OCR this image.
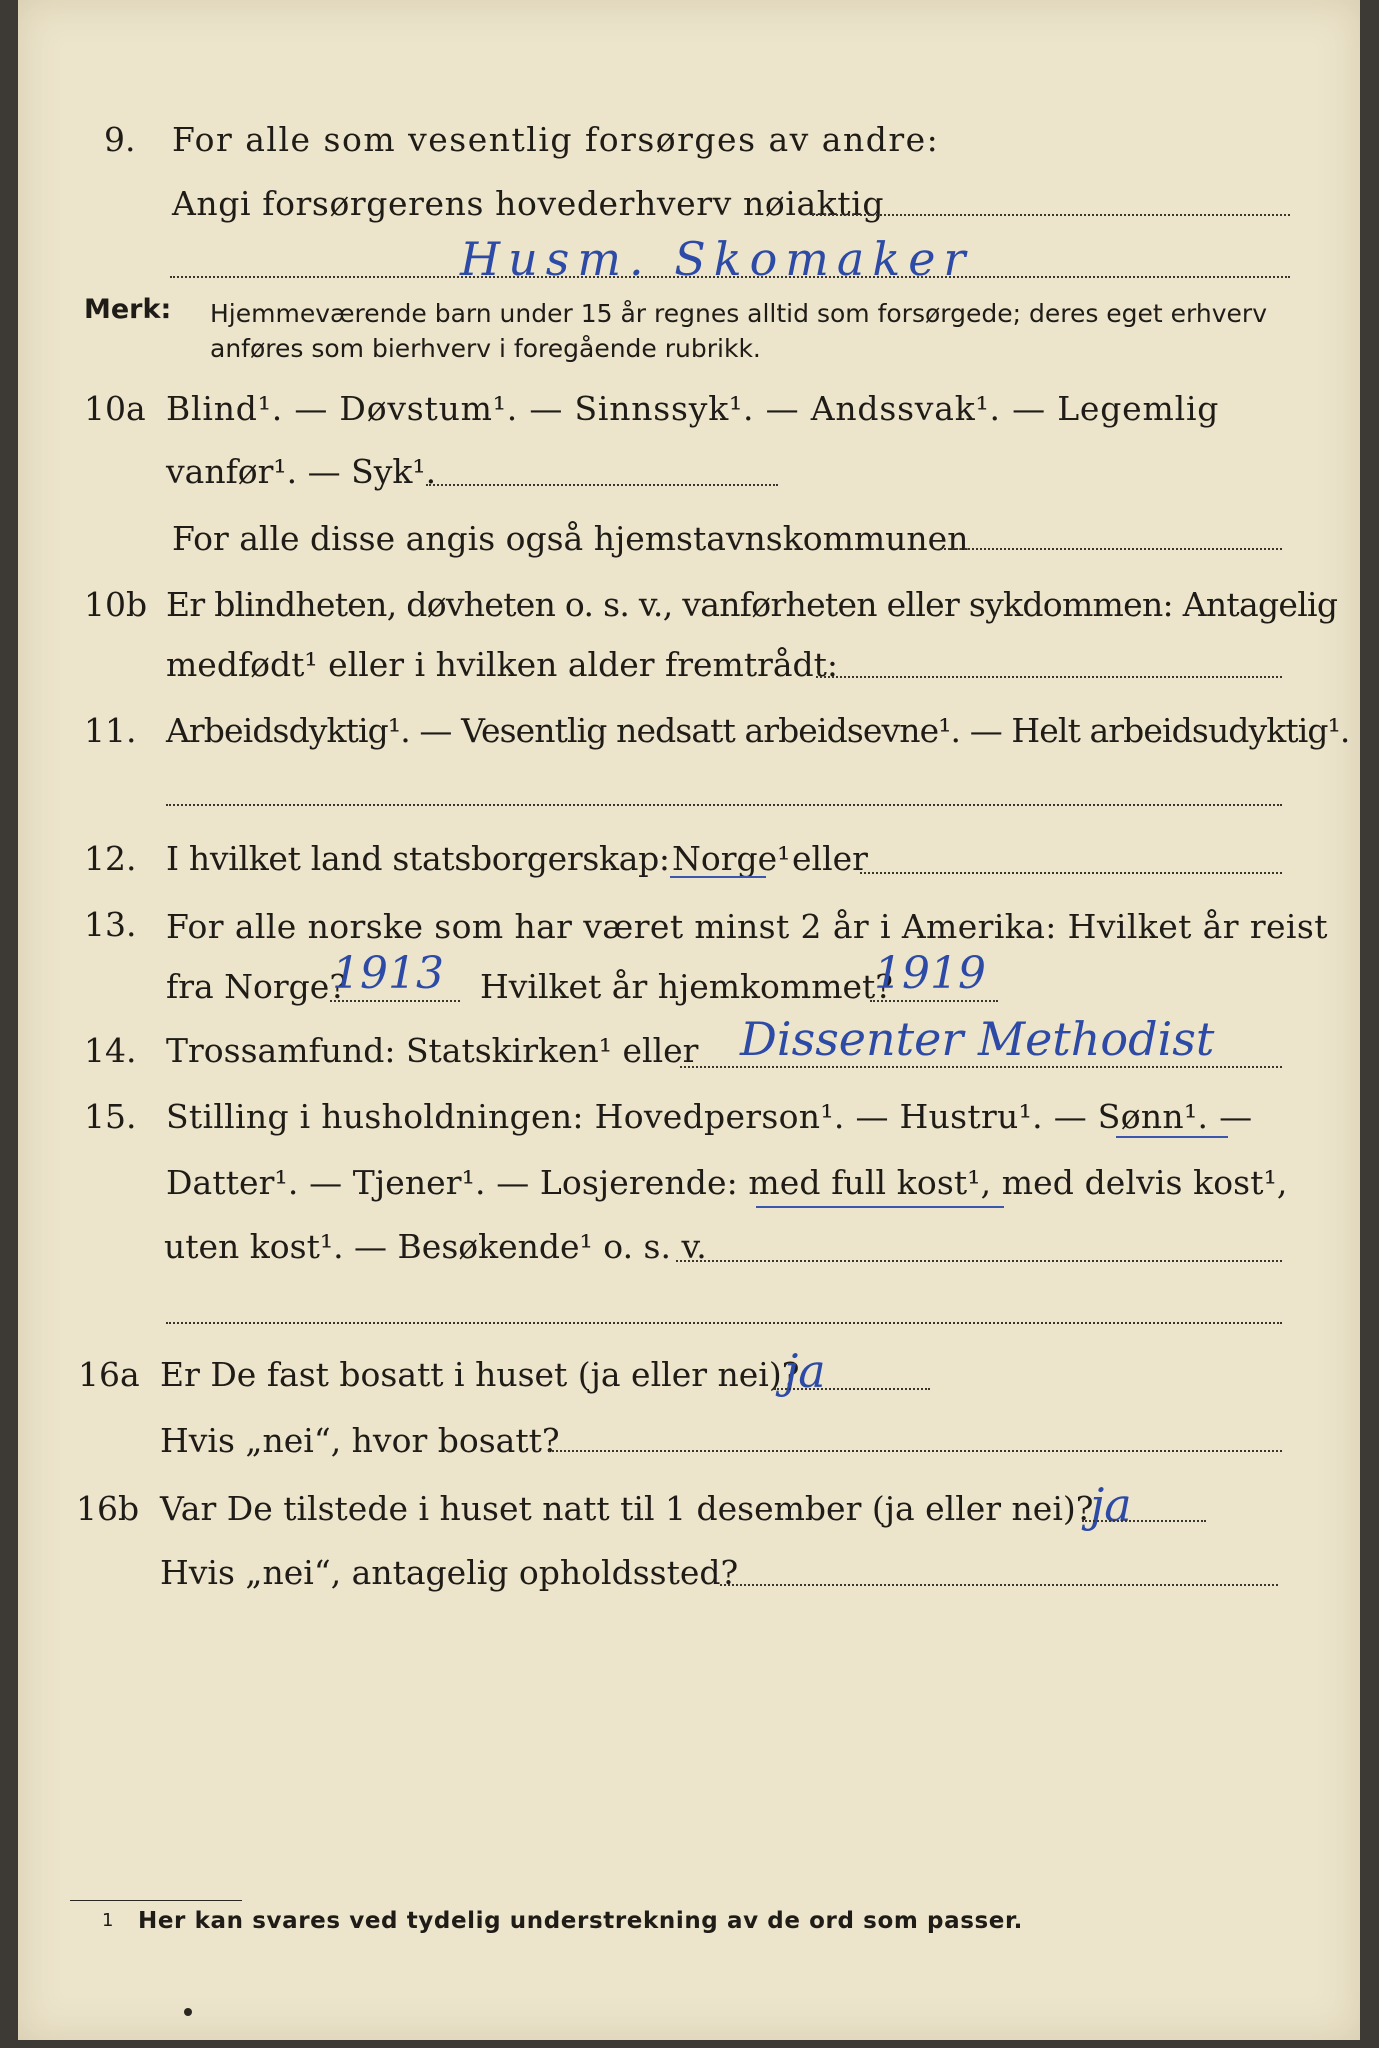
9. For alle som vesentlig forsørges av andre:
Angi forsørgerens hovederhverv nøiaktig
Husm. Skomaker
Merk: Hjemmeværende barn under 15 år regnes alltid som forsørgede; deres eget erhverv
anføres som bierhverv i foregående rubrikk.
10a Blind¹. — Døvstum¹. — Sinnssyk¹. — Andssvak¹. — Legemlig
vanfør¹. — Syk¹.
For alle disse angis også hjemstavnskommunen
10b Er blindheten, døvheten o. s. v., vanførheten eller sykdommen: Antagelig
medfødt¹ eller i hvilken alder fremtrådt:
11. Arbeidsdyktig¹. — Vesentlig nedsatt arbeidsevne¹. — Helt arbeidsudyktig¹.
12. I hvilket land statsborgerskap: Norge¹ eller
13. For alle norske som har været minst 2 år i Amerika: Hvilket år reist
fra Norge?
1913 Hvilket år hjemkommet?
1919
14. Trossamfund: Statskirken¹ eller Dissenter Methodist
15. Stilling i husholdningen: Hovedperson¹. — Hustru¹. — Sønn¹. —
Datter¹. — Tjener¹. — Losjerende: med full kost¹, med delvis kost¹,
uten kost¹. — Besøkende¹ o. s. v.
16a Er De fast bosatt i huset (ja eller nei)?
ja
Hvis „nei“, hvor bosatt?
16b Var De tilstede i huset natt til 1 desember (ja eller nei)?
ja
Hvis „nei“, antagelig opholdssted?
1 Her kan svares ved tydelig understrekning av de ord som passer.
